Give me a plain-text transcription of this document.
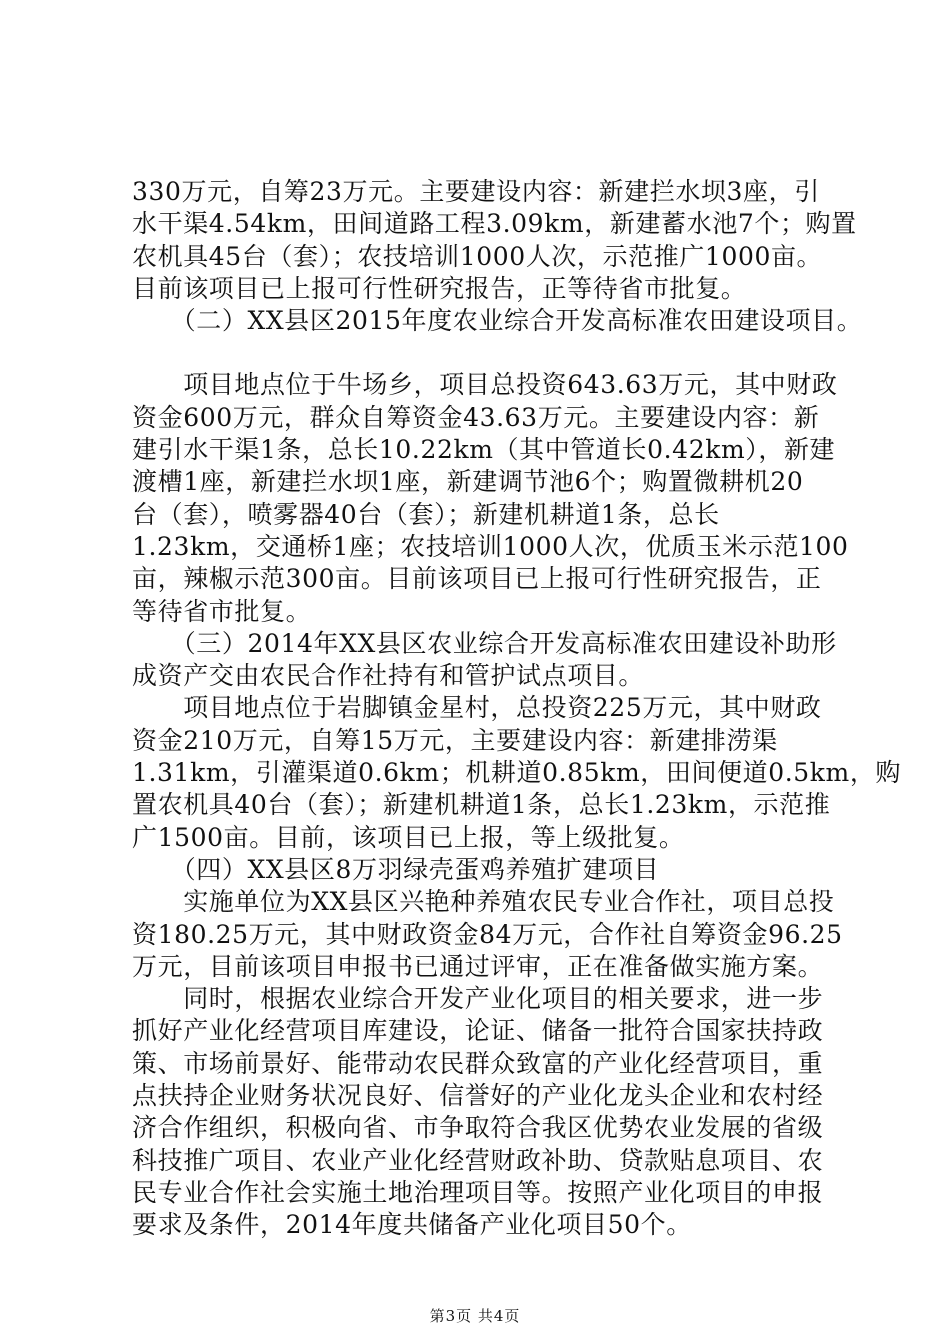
330万元，自筹23万元。主要建设内容：新建拦水坝3座，引
水干渠4.54km，田间道路工程3.09km，新建蓄水池7个；购置
农机具45台（套）；农技培训1000人次，示范推广1000亩。
目前该项目已上报可行性研究报告，正等待省市批复。
　　（二）XX县区2015年度农业综合开发高标准农田建设项目。
　　项目地点位于牛场乡，项目总投资643.63万元，其中财政
资金600万元，群众自筹资金43.63万元。主要建设内容：新
建引水干渠1条，总长10.22km（其中管道长0.42km），新建
渡槽1座，新建拦水坝1座，新建调节池6个；购置微耕机20
台（套），喷雾器40台（套）；新建机耕道1条，总长
1.23km，交通桥1座；农技培训1000人次，优质玉米示范100
亩，辣椒示范300亩。目前该项目已上报可行性研究报告，正
等待省市批复。
　　（三）2014年XX县区农业综合开发高标准农田建设补助形
成资产交由农民合作社持有和管护试点项目。
　　项目地点位于岩脚镇金星村，总投资225万元，其中财政
资金210万元，自筹15万元，主要建设内容：新建排涝渠
1.31km，引灌渠道0.6km；机耕道0.85km，田间便道0.5km，购
置农机具40台（套）；新建机耕道1条，总长1.23km，示范推
广1500亩。目前，该项目已上报，等上级批复。
　　（四）XX县区8万羽绿壳蛋鸡养殖扩建项目
　　实施单位为XX县区兴艳种养殖农民专业合作社，项目总投
资180.25万元，其中财政资金84万元，合作社自筹资金96.25
万元，目前该项目申报书已通过评审，正在准备做实施方案。
　　同时，根据农业综合开发产业化项目的相关要求，进一步
抓好产业化经营项目库建设，论证、储备一批符合国家扶持政
策、市场前景好、能带动农民群众致富的产业化经营项目，重
点扶持企业财务状况良好、信誉好的产业化龙头企业和农村经
济合作组织，积极向省、市争取符合我区优势农业发展的省级
科技推广项目、农业产业化经营财政补助、贷款贴息项目、农
民专业合作社会实施土地治理项目等。按照产业化项目的申报
要求及条件，2014年度共储备产业化项目50个。
第3页 共4页
